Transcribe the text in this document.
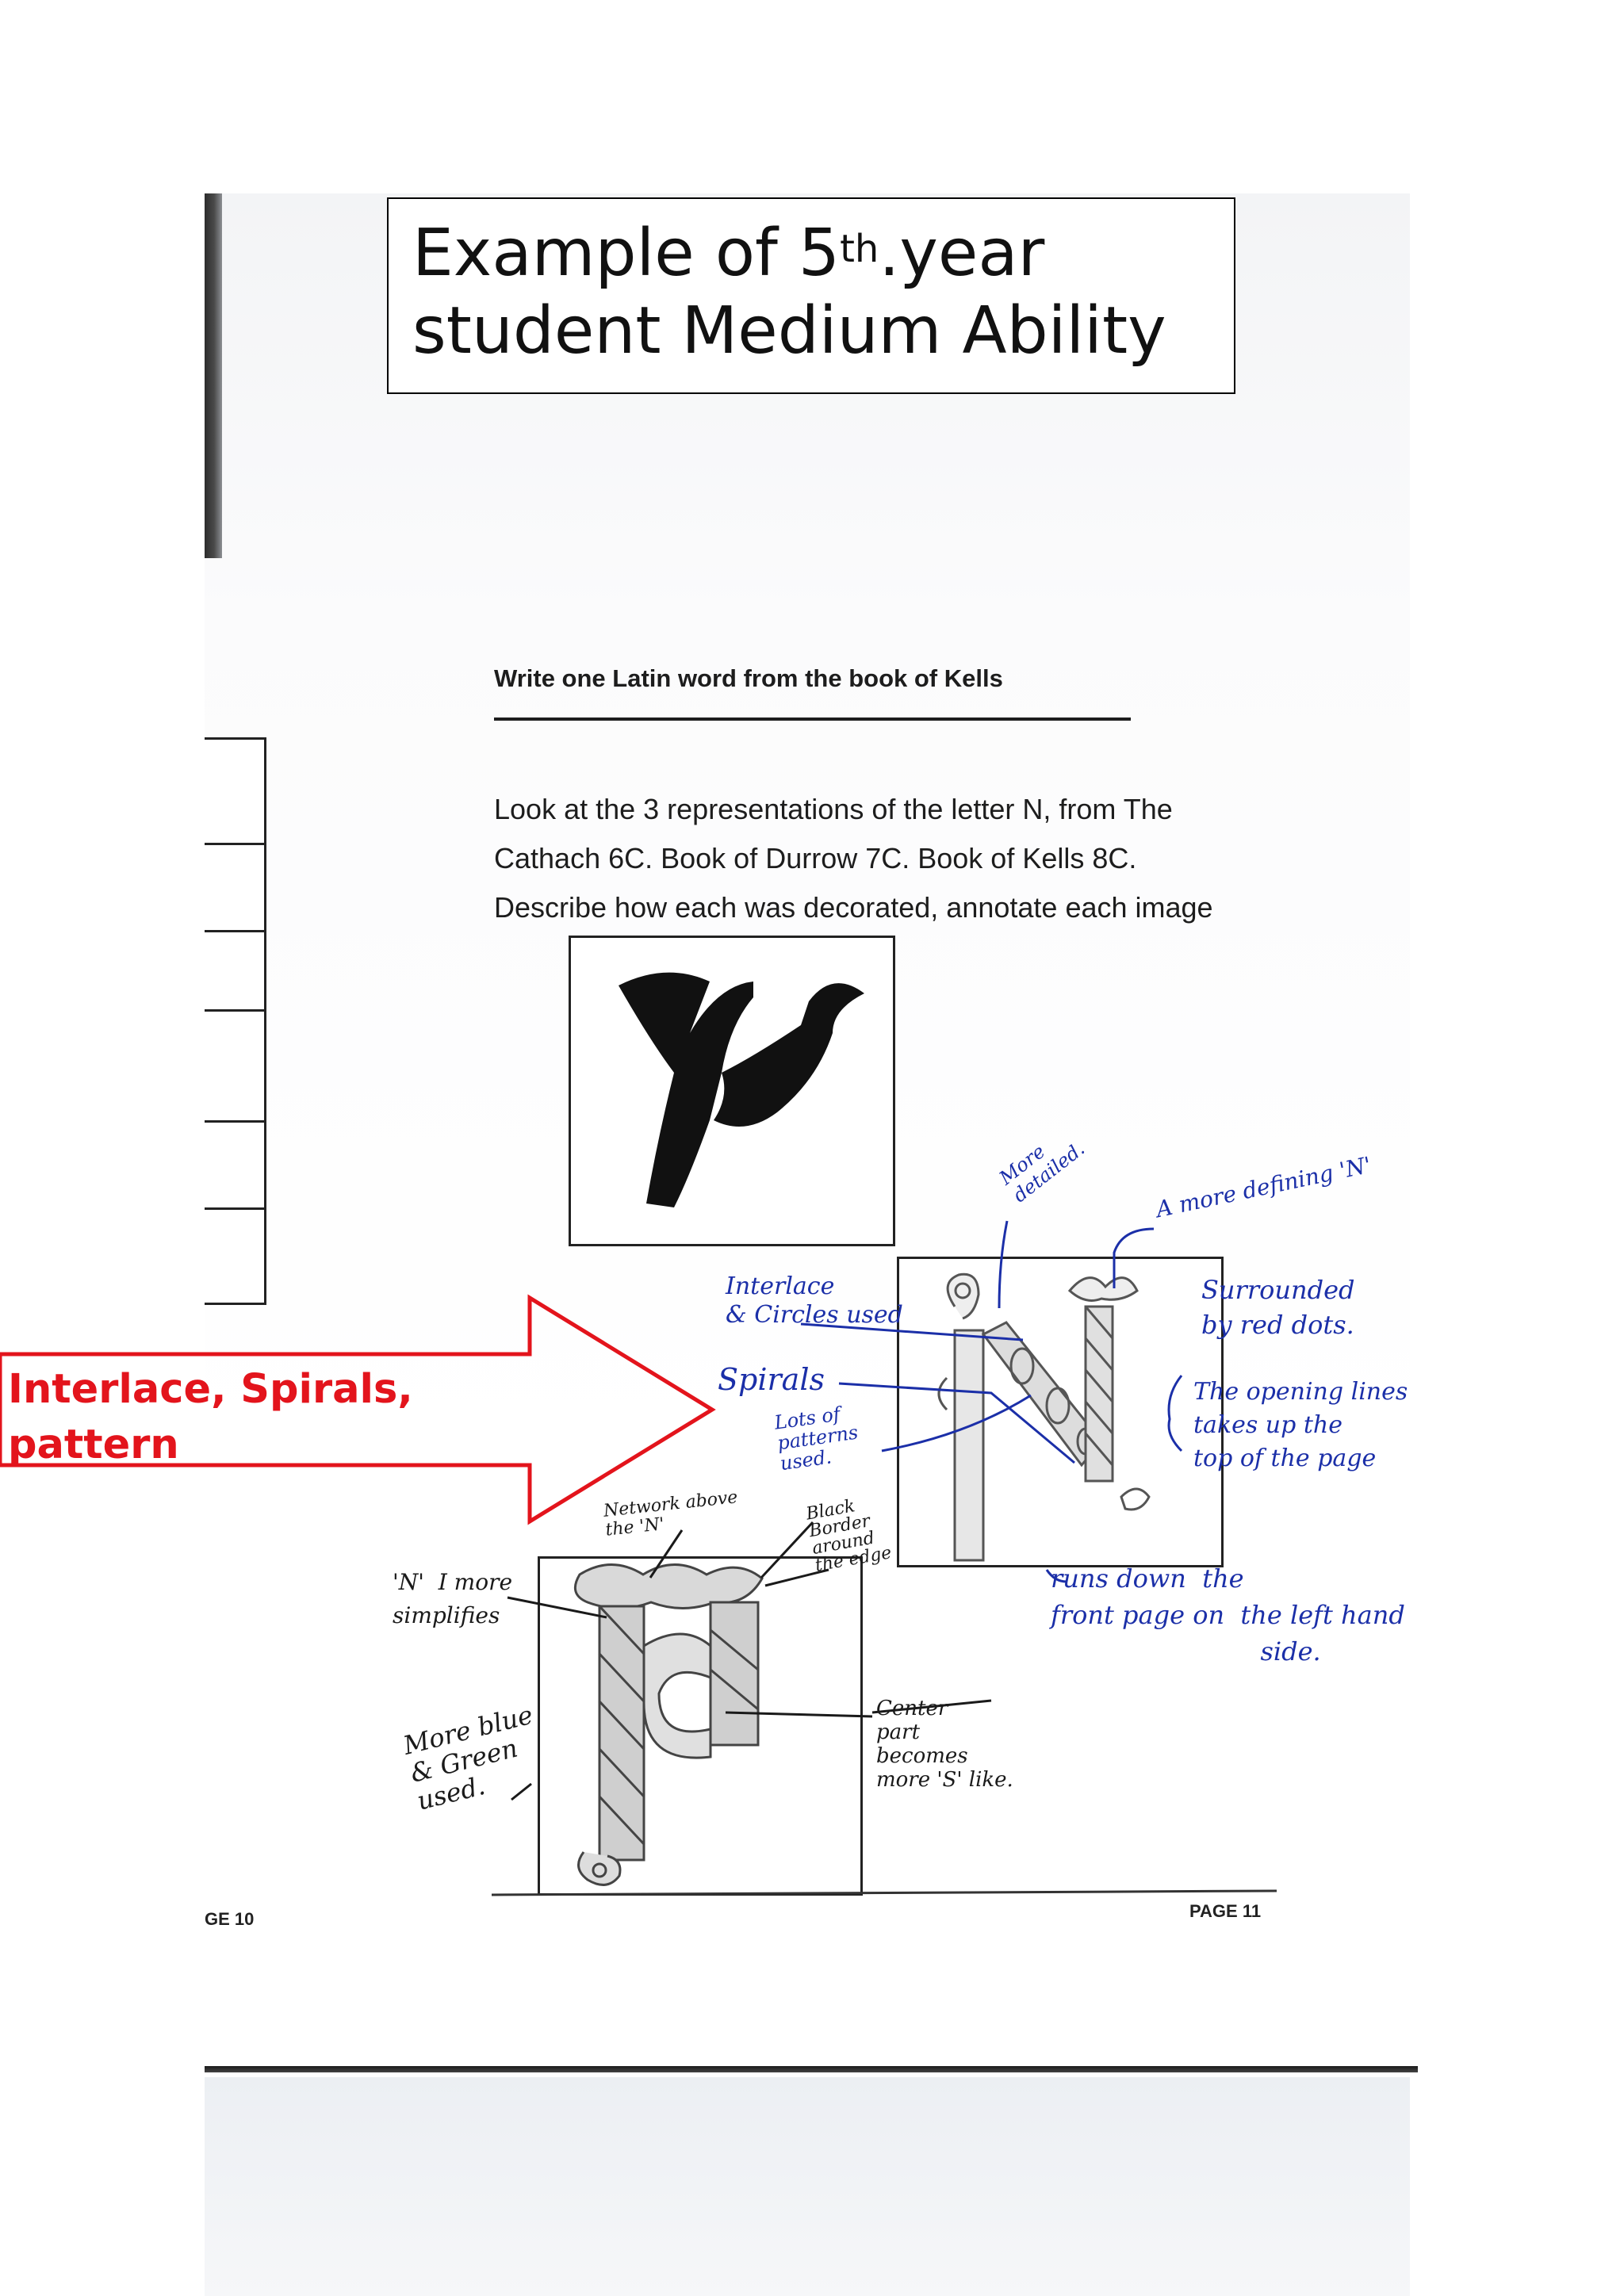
Example of 5th.year
student Medium Ability
Write one Latin word from the book of Kells
Look at the 3 representations of the letter N, from The
Cathach 6C. Book of Durrow 7C. Book of Kells 8C.
Describe how each was decorated, annotate each image
GE 10	PAGE 11
Interlace, Spirals,
pattern
More
detailed.	A more defining 'N'
Interlace
& Circles used
Surrounded
by red dots.
Spirals	The opening lines
takes up the
top of the page
Lots of
patterns
used.
Network above
the 'N'
Black
Border
around
the edge
runs down  the
front page on  the left hand
side.
'N'  I more
simplifies
Center
part
becomes
more 'S' like.
More blue
& Green
used.
